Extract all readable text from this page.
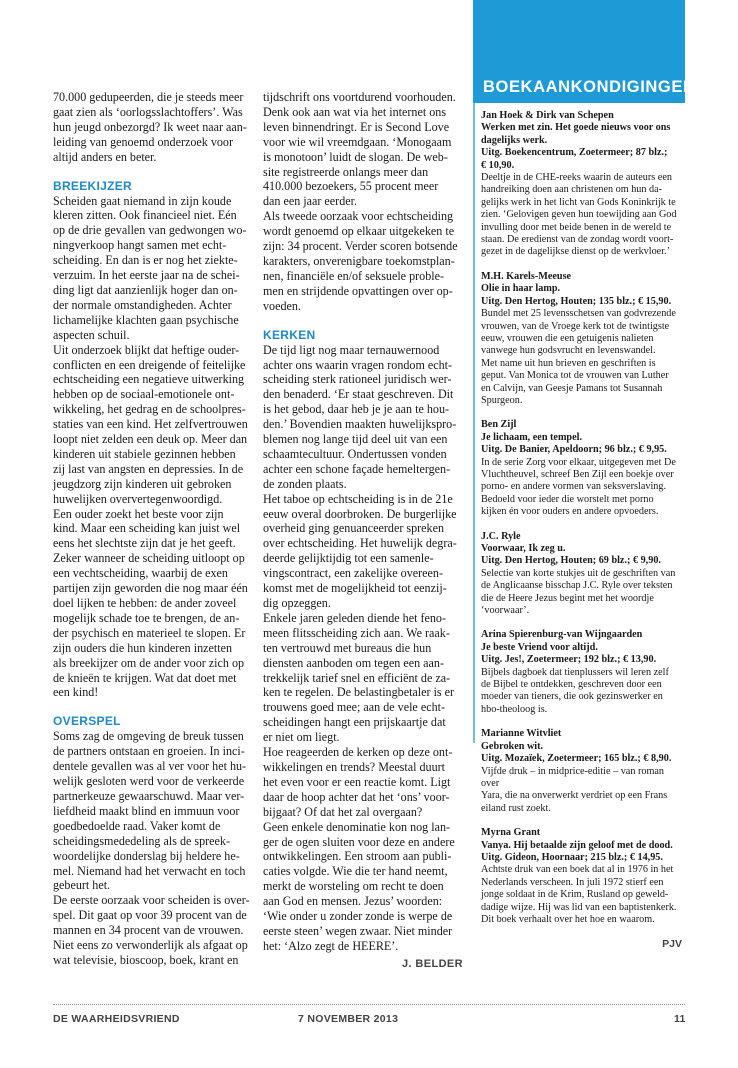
BOEKAANKONDIGINGEN

70.000 gedupeerden, die je steeds meer
gaat zien als ‘oorlogsslachtoffers’. Was
hun jeugd onbezorgd? Ik weet naar aan-
leiding van genoemd onderzoek voor
altijd anders en beter.

BREEKIJZER

Scheiden gaat niemand in zijn koude
kleren zitten. Ook financieel niet. Eén
op de drie gevallen van gedwongen wo-
ningverkoop hangt samen met echt-
scheiding. En dan is er nog het ziekte-
verzuim. In het eerste jaar na de schei-
ding ligt dat aanzienlijk hoger dan on-
der normale omstandigheden. Achter
lichamelijke klachten gaan psychische
aspecten schuil.
Uit onderzoek blijkt dat heftige ouder-
conflicten en een dreigende of feitelijke
echtscheiding een negatieve uitwerking
hebben op de sociaal-emotionele ont-
wikkeling, het gedrag en de schoolpres-
staties van een kind. Het zelfvertrouwen
loopt niet zelden een deuk op. Meer dan
kinderen uit stabiele gezinnen hebben
zij last van angsten en depressies. In de
jeugdzorg zijn kinderen uit gebroken
huwelijken oververtegenwoordigd.
Een ouder zoekt het beste voor zijn
kind. Maar een scheiding kan juist wel
eens het slechtste zijn dat je het geeft.
Zeker wanneer de scheiding uitloopt op
een vechtscheiding, waarbij de exen
partijen zijn geworden die nog maar één
doel lijken te hebben: de ander zoveel
mogelijk schade toe te brengen, de an-
der psychisch en materieel te slopen. Er
zijn ouders die hun kinderen inzetten
als breekijzer om de ander voor zich op
de knieën te krijgen. Wat dat doet met
een kind!

OVERSPEL

Soms zag de omgeving de breuk tussen
de partners ontstaan en groeien. In inci-
dentele gevallen was al ver voor het hu-
welijk gesloten werd voor de verkeerde
partnerkeuze gewaarschuwd. Maar ver-
liefdheid maakt blind en immuun voor
goedbedoelde raad. Vaker komt de
scheidingsmededeling als de spreek-
woordelijke donderslag bij heldere he-
mel. Niemand had het verwacht en toch
gebeurt het.
De eerste oorzaak voor scheiden is over-
spel. Dit gaat op voor 39 procent van de
mannen en 34 procent van de vrouwen.
Niet eens zo verwonderlijk als afgaat op
wat televisie, bioscoop, boek, krant en

tijdschrift ons voortdurend voorhouden.
Denk ook aan wat via het internet ons
leven binnendringt. Er is Second Love
voor wie wil vreemdgaan. ‘Monogaam
is monotoon’ luidt de slogan. De web-
site registreerde onlangs meer dan
410.000 bezoekers, 55 procent meer
dan een jaar eerder.
Als tweede oorzaak voor echtscheiding
wordt genoemd op elkaar uitgekeken te
zijn: 34 procent. Verder scoren botsende
karakters, onverenigbare toekomstplan-
nen, financiële en/of seksuele proble-
men en strijdende opvattingen over op-
voeden.

KERKEN

De tijd ligt nog maar ternauwernood
achter ons waarin vragen rondom echt-
scheiding sterk rationeel juridisch wer-
den benaderd. ‘Er staat geschreven. Dit
is het gebod, daar heb je je aan te hou-
den.’ Bovendien maakten huwelijkspro-
blemen nog lange tijd deel uit van een
schaamtecultuur. Ondertussen vonden
achter een schone façade hemeltergen-
de zonden plaats.
Het taboe op echtscheiding is in de 21e
eeuw overal doorbroken. De burgerlijke
overheid ging genuanceerder spreken
over echtscheiding. Het huwelijk degra-
deerde gelijktijdig tot een samenle-
vingscontract, een zakelijke overeen-
komst met de mogelijkheid tot eenzij-
dig opzeggen.
Enkele jaren geleden diende het feno-
meen flitsscheiding zich aan. We raak-
ten vertrouwd met bureaus die hun
diensten aanboden om tegen een aan-
trekkelijk tarief snel en efficiënt de za-
ken te regelen. De belastingbetaler is er
trouwens goed mee; aan de vele echt-
scheidingen hangt een prijskaartje dat
er niet om liegt.
Hoe reageerden de kerken op deze ont-
wikkelingen en trends? Meestal duurt
het even voor er een reactie komt. Ligt
daar de hoop achter dat het ‘ons’ voor-
bijgaat? Of dat het zal overgaan?
Geen enkele denominatie kon nog lan-
ger de ogen sluiten voor deze en andere
ontwikkelingen. Een stroom aan publi-
caties volgde. Wie die ter hand neemt,
merkt de worsteling om recht te doen
aan God en mensen. Jezus’ woorden:
‘Wie onder u zonder zonde is werpe de
eerste steen’ wegen zwaar. Niet minder
het: ‘Alzo zegt de HEERE’.

J. BELDER

Jan Hoek & Dirk van Schepen

Werken met zin. Het goede nieuws voor ons
dagelijks werk.

Uitg. Boekencentrum, Zoetermeer; 87 blz.;
€ 10,90.

Deeltje in de CHE-reeks waarin de auteurs een
handreiking doen aan christenen om hun da-
gelijks werk in het licht van Gods Koninkrijk te
zien. ‘Gelovigen geven hun toewijding aan God
invulling door met beide benen in de wereld te
staan. De eredienst van de zondag wordt voort-
gezet in de dagelijkse dienst op de werkvloer.’

M.H. Karels-Meeuse

Olie in haar lamp.

Uitg. Den Hertog, Houten; 135 blz.; € 15,90.

Bundel met 25 levensschetsen van godvrezende
vrouwen, van de Vroege kerk tot de twintigste
eeuw, vrouwen die een getuigenis nalieten
vanwege hun godsvrucht en levenswandel.
Met name uit hun brieven en geschriften is
geput. Van Monica tot de vrouwen van Luther
en Calvijn, van Geesje Pamans tot Susannah
Spurgeon.

Ben Zijl

Je lichaam, een tempel.

Uitg. De Banier, Apeldoorn; 96 blz.; € 9,95.

In de serie Zorg voor elkaar, uitgegeven met De
Vluchtheuvel, schreef Ben Zijl een boekje over
porno- en andere vormen van seksverslaving.
Bedoeld voor ieder die worstelt met porno
kijken én voor ouders en andere opvoeders.

J.C. Ryle

Voorwaar, Ik zeg u.

Uitg. Den Hertog, Houten; 69 blz.; € 9,90.

Selectie van korte stukjes uit de geschriften van
de Anglicaanse bisschap J.C. Ryle over teksten
die de Heere Jezus begint met het woordje
‘voorwaar’.

Arina Spierenburg-van Wijngaarden

Je beste Vriend voor altijd.

Uitg. Jes!, Zoetermeer; 192 blz.; € 13,90.

Bijbels dagboek dat tienplussers wil leren zelf
de Bijbel te ontdekken, geschreven door een
moeder van tieners, die ook gezinswerker en
hbo-theoloog is.

Marianne Witvliet

Gebroken wit.

Uitg. Mozaïek, Zoetermeer; 165 blz.; € 8,90.

Vijfde druk – in midprice-editie – van roman over
Yara, die na onverwerkt verdriet op een Frans
eiland rust zoekt.

Myrna Grant

Vanya. Hij betaalde zijn geloof met de dood.

Uitg. Gideon, Hoornaar; 215 blz.; € 14,95.

Achtste druk van een boek dat al in 1976 in het
Nederlands verscheen. In juli 1972 stierf een
jonge soldaat in de Krim, Rusland op geweld-
dadige wijze. Hij was lid van een baptistenkerk.
Dit boek verhaalt over het hoe en waarom.

PJV
DE WAARHEIDSVRIEND	7 NOVEMBER 2013	11
